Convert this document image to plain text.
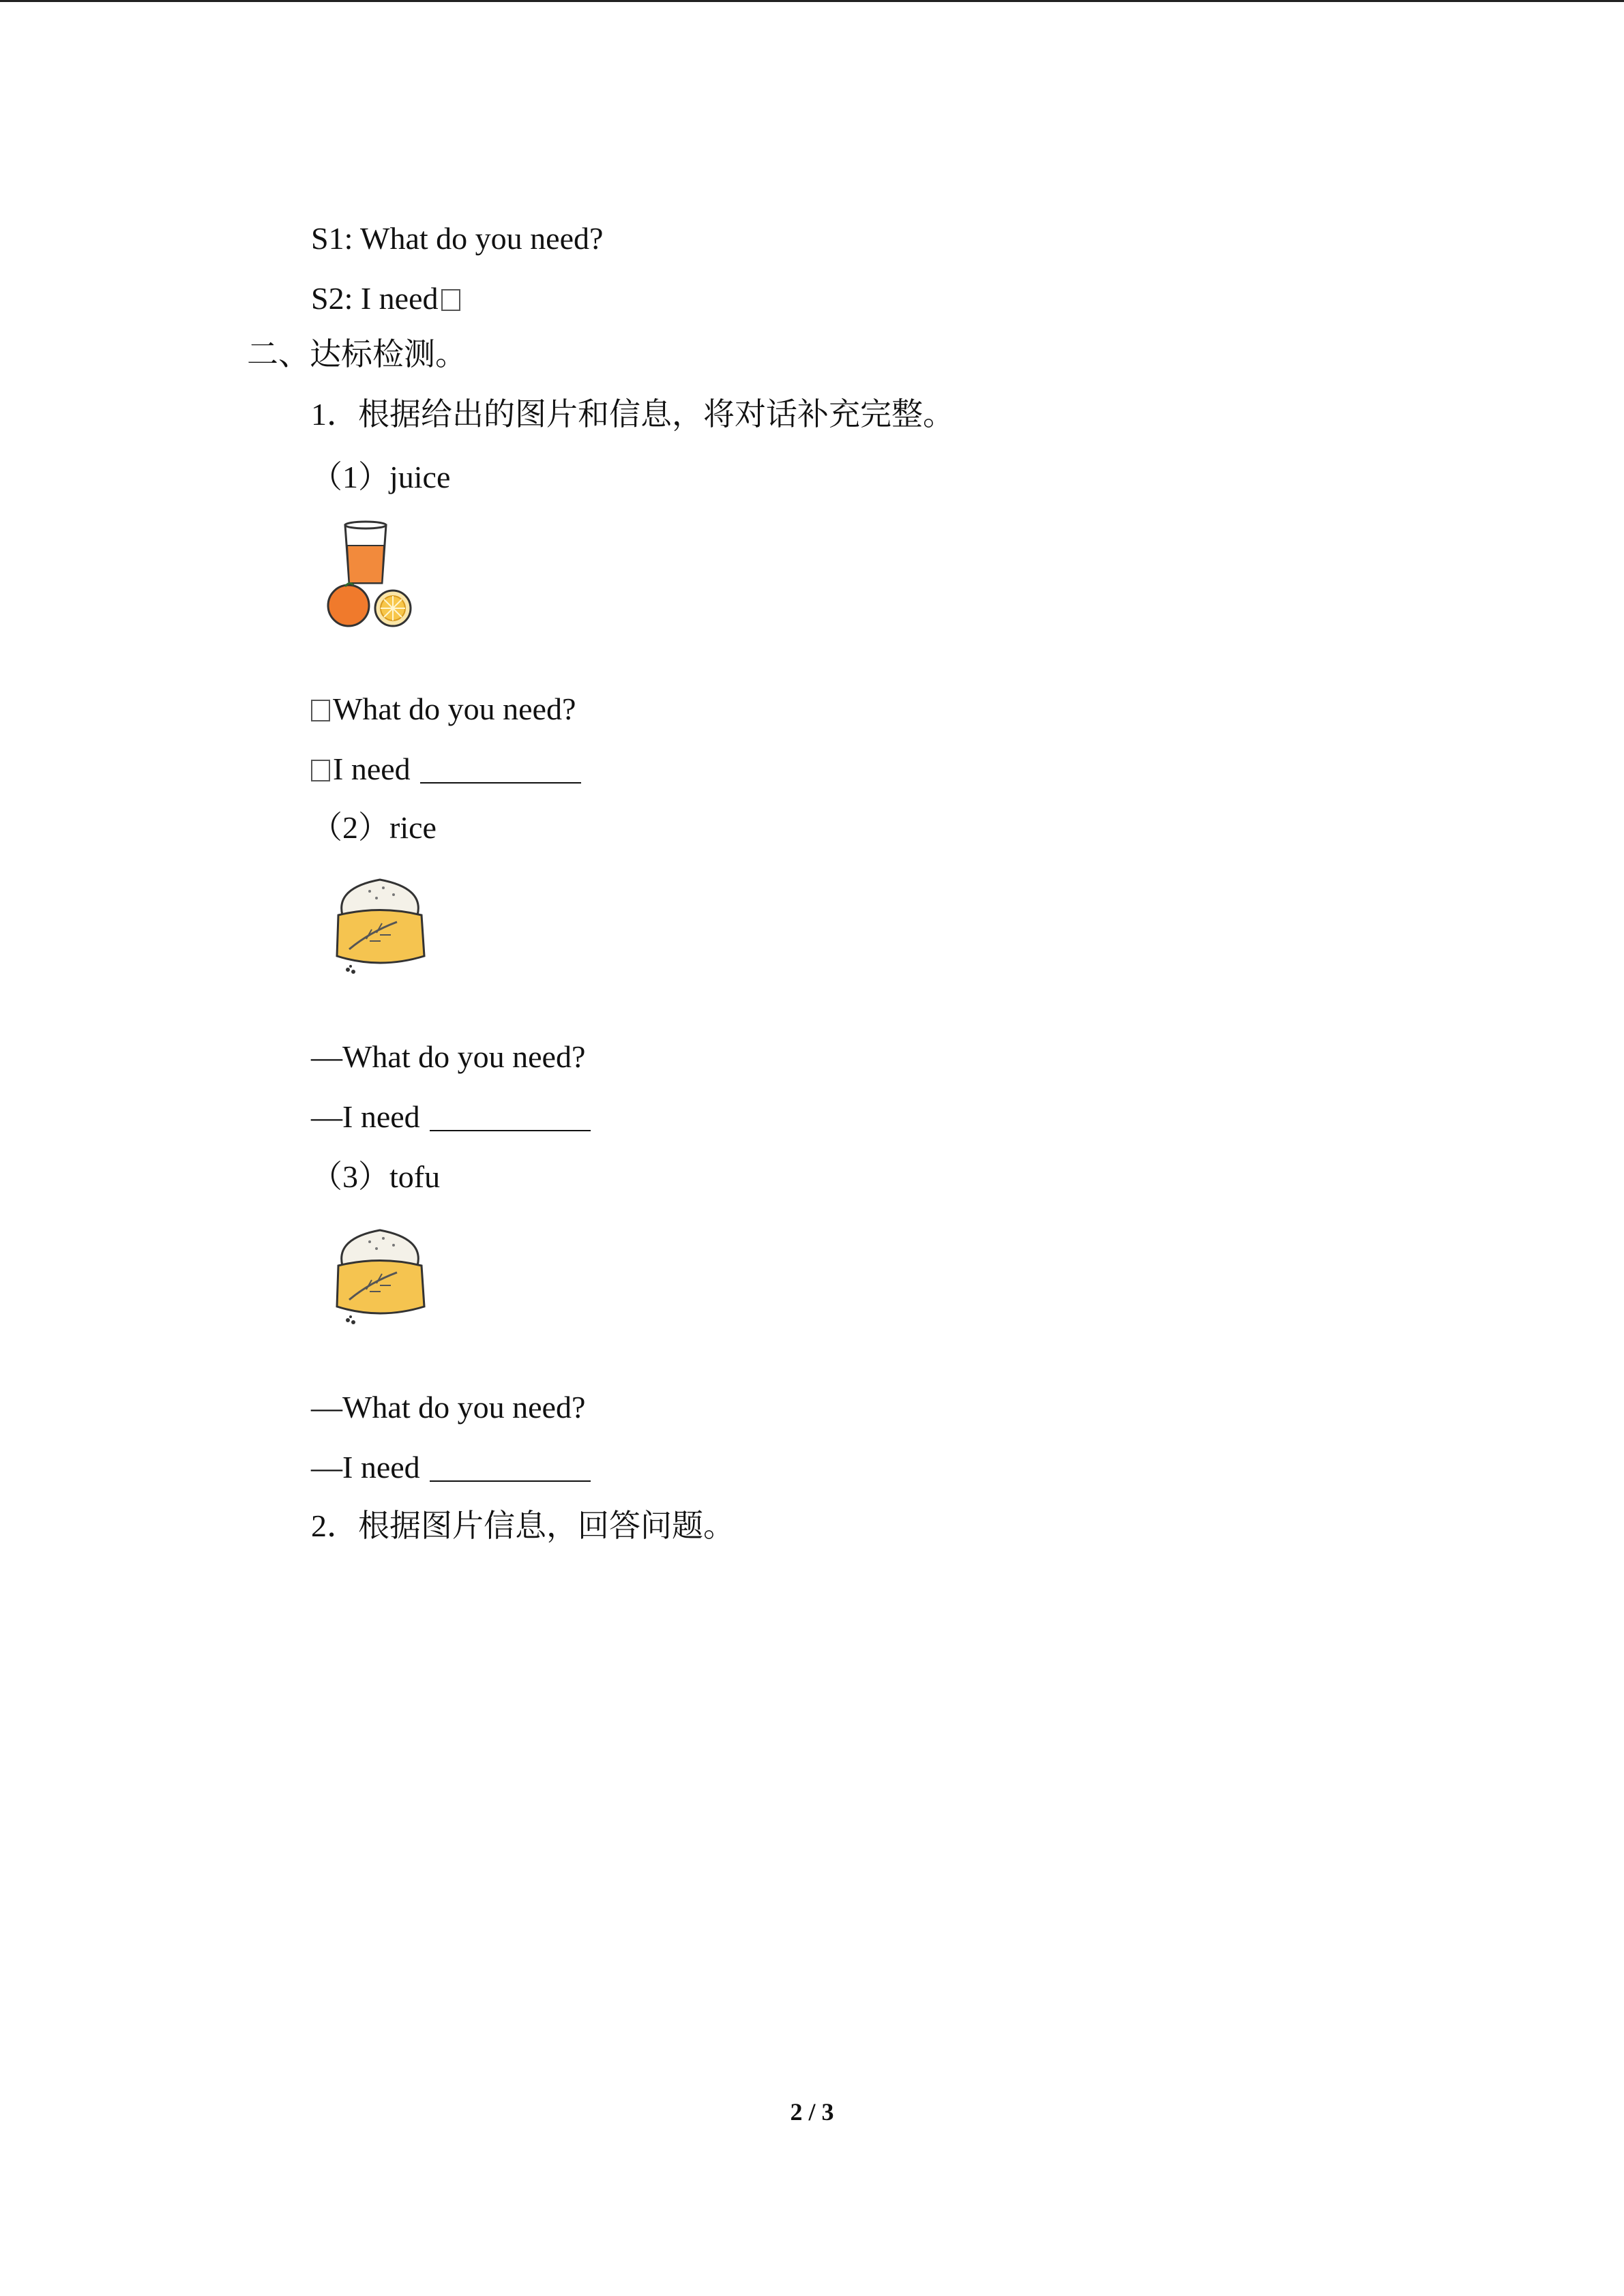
S1: What do you need?
S2: I need
二、达标检测。
1．根据给出的图片和信息，将对话补充完整。
（1）juice
What do you need?
I need
（2）rice
—What do you need?
—I need
（3）tofu
—What do you need?
—I need
2．根据图片信息，回答问题。
2 / 3
